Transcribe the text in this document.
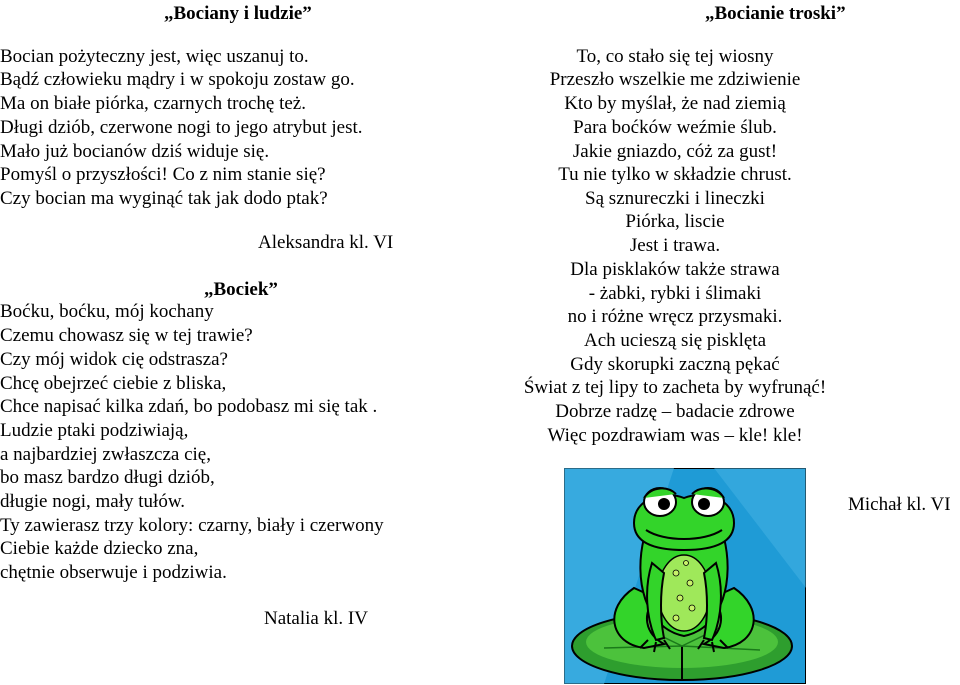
„Bociany i ludzie”
Bocian pożyteczny jest, więc uszanuj to.
Bądź człowieku mądry i w spokoju zostaw go.
Ma on białe piórka, czarnych trochę też.
Długi dziób, czerwone nogi to jego atrybut jest.
Mało już bocianów dziś widuje się.
Pomyśl o przyszłości! Co z nim stanie się?
Czy bocian ma wyginąć tak jak dodo ptak?
Aleksandra kl. VI
„Bociek”
Boćku, boćku, mój kochany
Czemu chowasz się w tej trawie?
Czy mój widok cię odstrasza?
Chcę obejrzeć ciebie z bliska,
Chce napisać kilka zdań, bo podobasz mi się tak .
Ludzie ptaki podziwiają,
a najbardziej zwłaszcza cię,
bo masz bardzo długi dziób,
długie nogi, mały tułów.
Ty zawierasz trzy kolory: czarny, biały i czerwony
Ciebie każde dziecko zna,
chętnie obserwuje i podziwia.
Natalia kl. IV
„Bocianie troski”
To, co stało się tej wiosny
Przeszło wszelkie me zdziwienie
Kto by myślał, że nad ziemią
Para boćków weźmie ślub.
Jakie gniazdo, cóż za gust!
Tu nie tylko w składzie chrust.
Są sznureczki i lineczki
Piórka, liscie
Jest i trawa.
Dla pisklaków także strawa
- żabki, rybki i ślimaki
no i różne wręcz przysmaki.
Ach ucieszą się pisklęta
Gdy skorupki zaczną pękać
Świat z tej lipy to zacheta by wyfrunąć!
Dobrze radzę – badacie zdrowe
Więc pozdrawiam was – kle! kle!
Michał kl. VI
